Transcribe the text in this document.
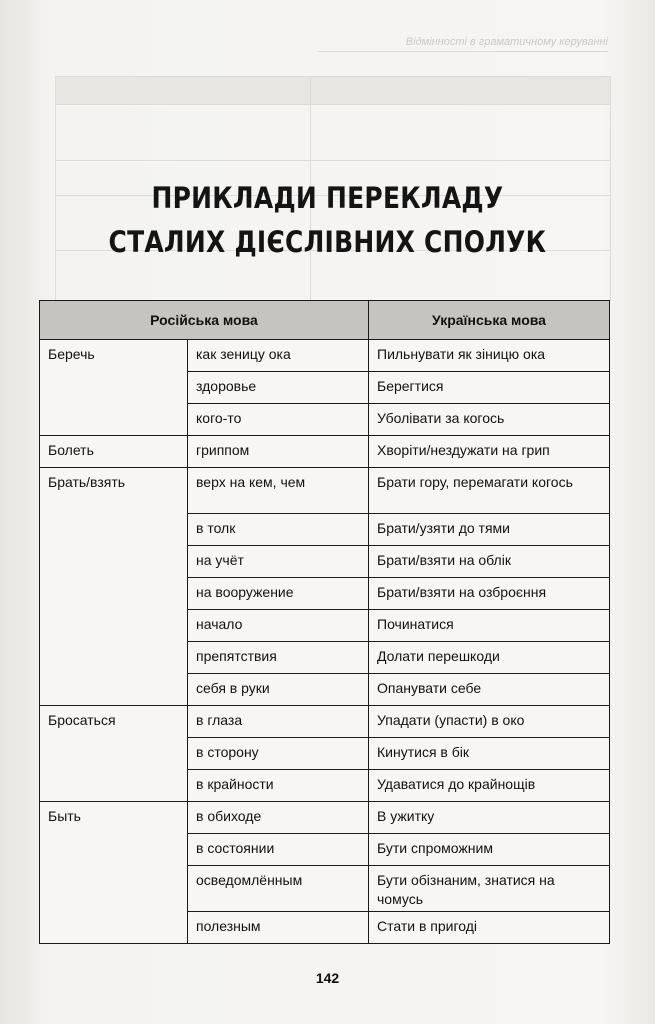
Відмінності в граматичному керуванні
ПРИКЛАДИ ПЕРЕКЛАДУ
СТАЛИХ ДІЄСЛІВНИХ СПОЛУК
Російська мова		Українська мова
Беречь	как зеницу ока	Пильнувати як зіницю ока
	здоровье	Берегтися
	кого-то	Уболівати за когось
Болеть	гриппом	Хворіти/нездужати на грип
Брать/взять	верх на кем, чем	Брати гору, перемагати когось
	в толк	Брати/узяти до тями
	на учёт	Брати/взяти на облік
	на вооружение	Брати/взяти на озброєння
	начало	Починатися
	препятствия	Долати перешкоди
	себя в руки	Опанувати себе
Бросаться	в глаза	Упадати (упасти) в око
	в сторону	Кинутися в бік
	в крайности	Удаватися до крайнощів
Быть	в обиходе	В ужитку
	в состоянии	Бути спроможним
	осведомлённым	Бути обізнаним, знатися на чомусь
	полезным	Стати в пригоді
142
